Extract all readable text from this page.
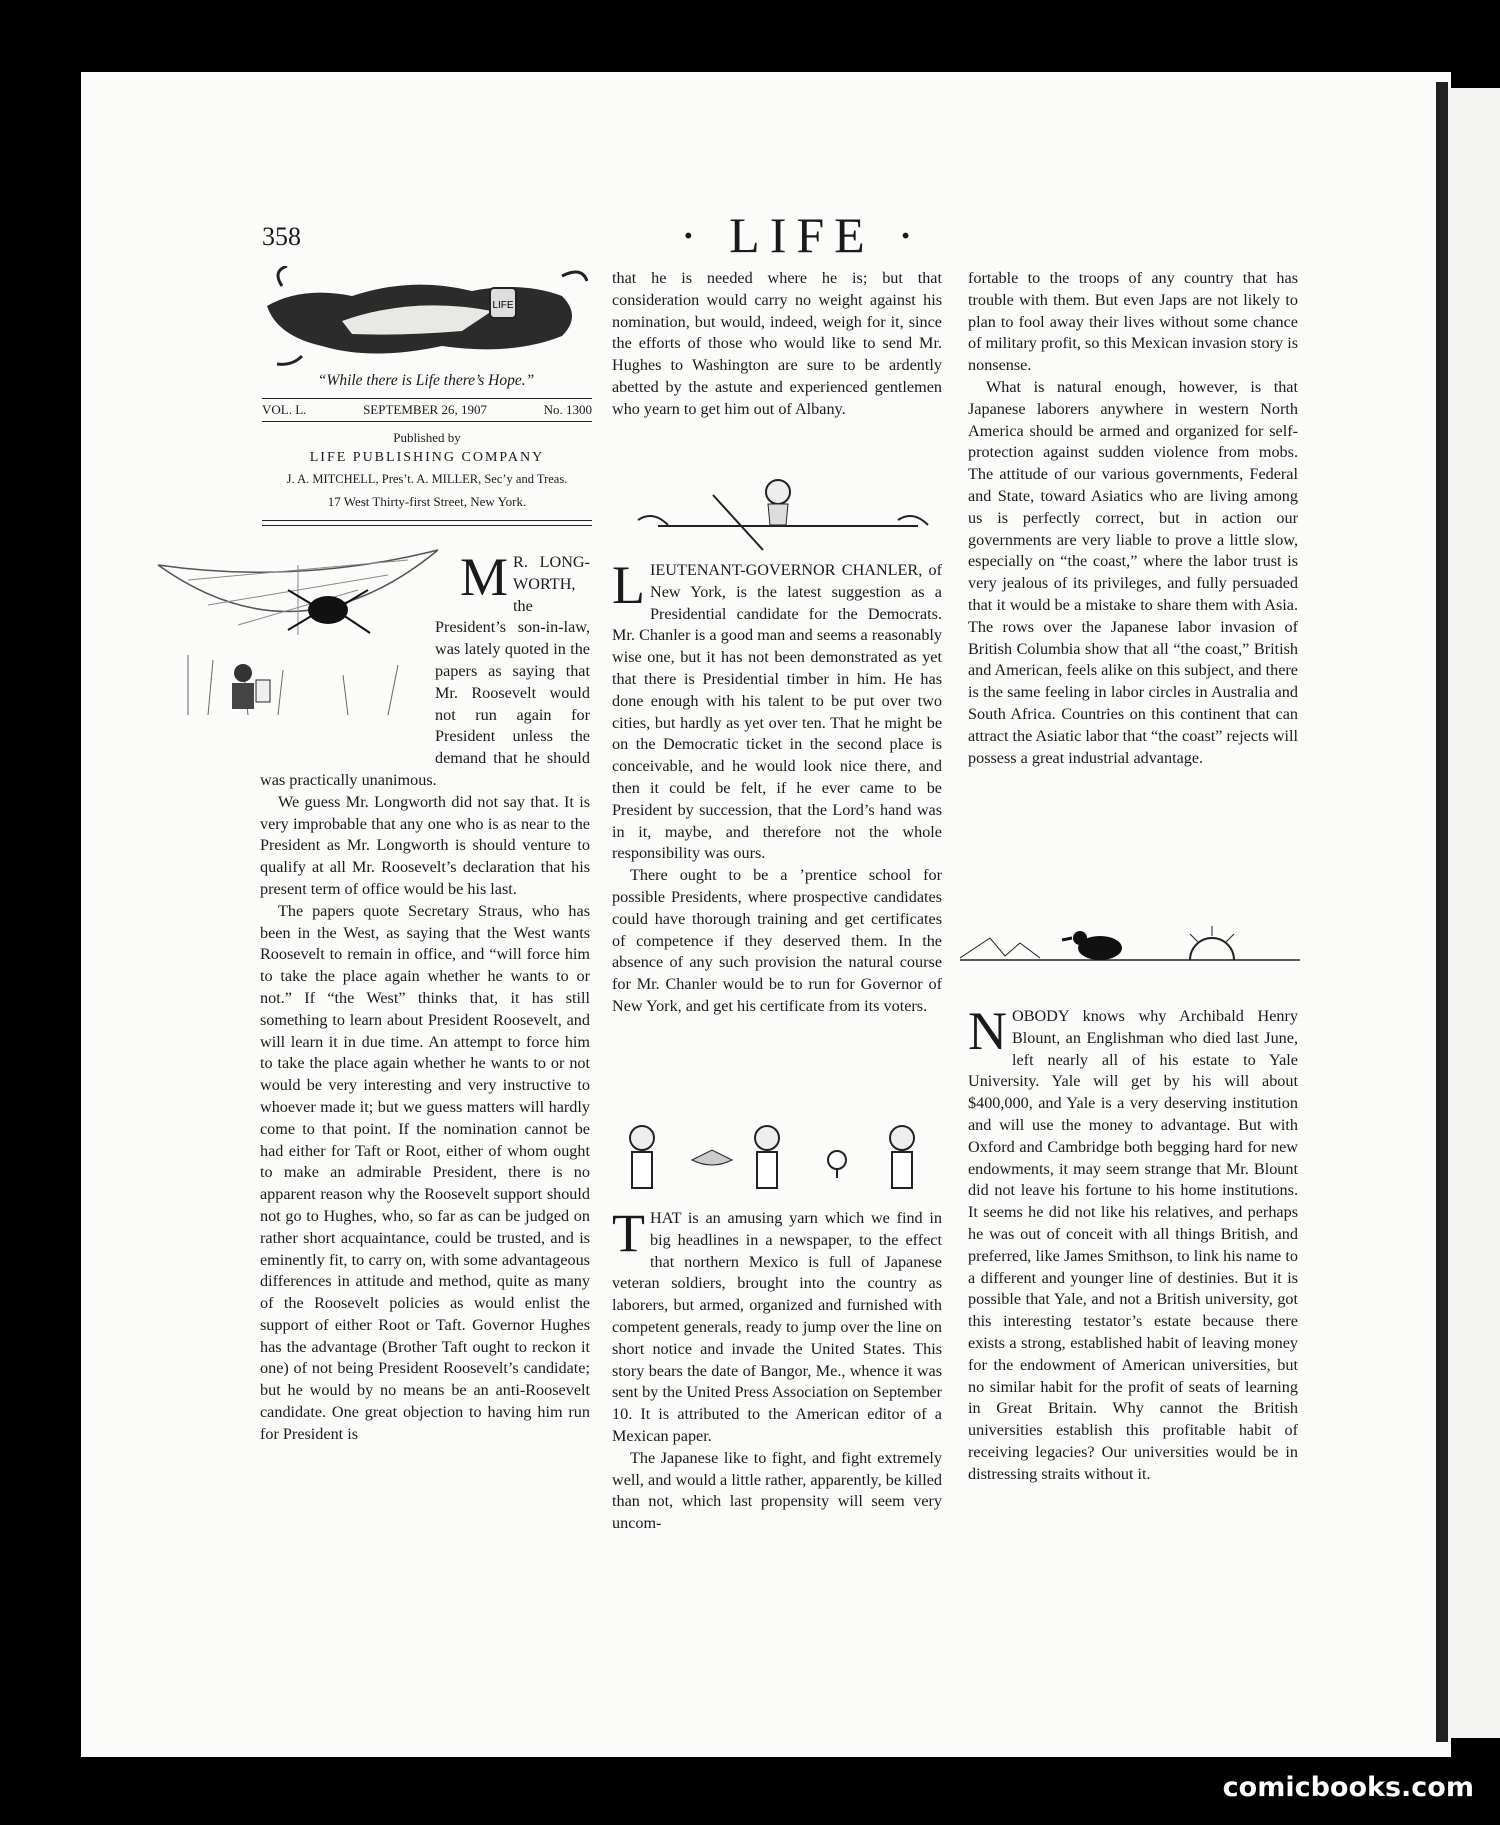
358	· LIFE ·
LIFE
“While there is Life there’s Hope.”
VOL. L.	SEPTEMBER 26, 1907	No. 1300
Published by
LIFE PUBLISHING COMPANY
J. A. MITCHELL, Pres’t. A. MILLER, Sec’y and Treas.
17 West Thirty-first Street, New York.
M R. LONG-WORTH, the President’s son-in-law, was lately quoted in the papers as saying that Mr. Roosevelt would not run again for President unless the demand that he should was practically unanimous.

We guess Mr. Longworth did not say that. It is very improbable that any one who is as near to the President as Mr. Longworth is should venture to qualify at all Mr. Roosevelt’s declaration that his present term of office would be his last.

The papers quote Secretary Straus, who has been in the West, as saying that the West wants Roosevelt to remain in office, and “will force him to take the place again whether he wants to or not.” If “the West” thinks that, it has still something to learn about President Roosevelt, and will learn it in due time. An attempt to force him to take the place again whether he wants to or not would be very interesting and very instructive to whoever made it; but we guess matters will hardly come to that point. If the nomination cannot be had either for Taft or Root, either of whom ought to make an admirable President, there is no apparent reason why the Roosevelt support should not go to Hughes, who, so far as can be judged on rather short acquaintance, could be trusted, and is eminently fit, to carry on, with some advantageous differences in attitude and method, quite as many of the Roosevelt policies as would enlist the support of either Root or Taft. Governor Hughes has the advantage (Brother Taft ought to reckon it one) of not being President Roosevelt’s candidate; but he would by no means be an anti-Roosevelt candidate. One great objection to having him run for President is

that he is needed where he is; but that consideration would carry no weight against his nomination, but would, indeed, weigh for it, since the efforts of those who would like to send Mr. Hughes to Washington are sure to be ardently abetted by the astute and experienced gentlemen who yearn to get him out of Albany.

LIEUTENANT-GOVERNOR CHANLER, of New York, is the latest suggestion as a Presidential candidate for the Democrats. Mr. Chanler is a good man and seems a reasonably wise one, but it has not been demonstrated as yet that there is Presidential timber in him. He has done enough with his talent to be put over two cities, but hardly as yet over ten. That he might be on the Democratic ticket in the second place is conceivable, and he would look nice there, and then it could be felt, if he ever came to be President by succession, that the Lord’s hand was in it, maybe, and therefore not the whole responsibility was ours.

There ought to be a ’prentice school for possible Presidents, where prospective candidates could have thorough training and get certificates of competence if they deserved them. In the absence of any such provision the natural course for Mr. Chanler would be to run for Governor of New York, and get his certificate from its voters.

THAT is an amusing yarn which we find in big headlines in a newspaper, to the effect that northern Mexico is full of Japanese veteran soldiers, brought into the country as laborers, but armed, organized and furnished with competent generals, ready to jump over the line on short notice and invade the United States. This story bears the date of Bangor, Me., whence it was sent by the United Press Association on September 10. It is attributed to the American editor of a Mexican paper.

The Japanese like to fight, and fight extremely well, and would a little rather, apparently, be killed than not, which last propensity will seem very uncom-

fortable to the troops of any country that has trouble with them. But even Japs are not likely to plan to fool away their lives without some chance of military profit, so this Mexican invasion story is nonsense.

What is natural enough, however, is that Japanese laborers anywhere in western North America should be armed and organized for self-protection against sudden violence from mobs. The attitude of our various governments, Federal and State, toward Asiatics who are living among us is perfectly correct, but in action our governments are very liable to prove a little slow, especially on “the coast,” where the labor trust is very jealous of its privileges, and fully persuaded that it would be a mistake to share them with Asia. The rows over the Japanese labor invasion of British Columbia show that all “the coast,” British and American, feels alike on this subject, and there is the same feeling in labor circles in Australia and South Africa. Countries on this continent that can attract the Asiatic labor that “the coast” rejects will possess a great industrial advantage.

NOBODY knows why Archibald Henry Blount, an Englishman who died last June, left nearly all of his estate to Yale University. Yale will get by his will about $400,000, and Yale is a very deserving institution and will use the money to advantage. But with Oxford and Cambridge both begging hard for new endowments, it may seem strange that Mr. Blount did not leave his fortune to his home institutions. It seems he did not like his relatives, and perhaps he was out of conceit with all things British, and preferred, like James Smithson, to link his name to a different and younger line of destinies. But it is possible that Yale, and not a British university, got this interesting testator’s estate because there exists a strong, established habit of leaving money for the endowment of American universities, but no similar habit for the profit of seats of learning in Great Britain. Why cannot the British universities establish this profitable habit of receiving legacies? Our universities would be in distressing straits without it.

comicbooks.com
